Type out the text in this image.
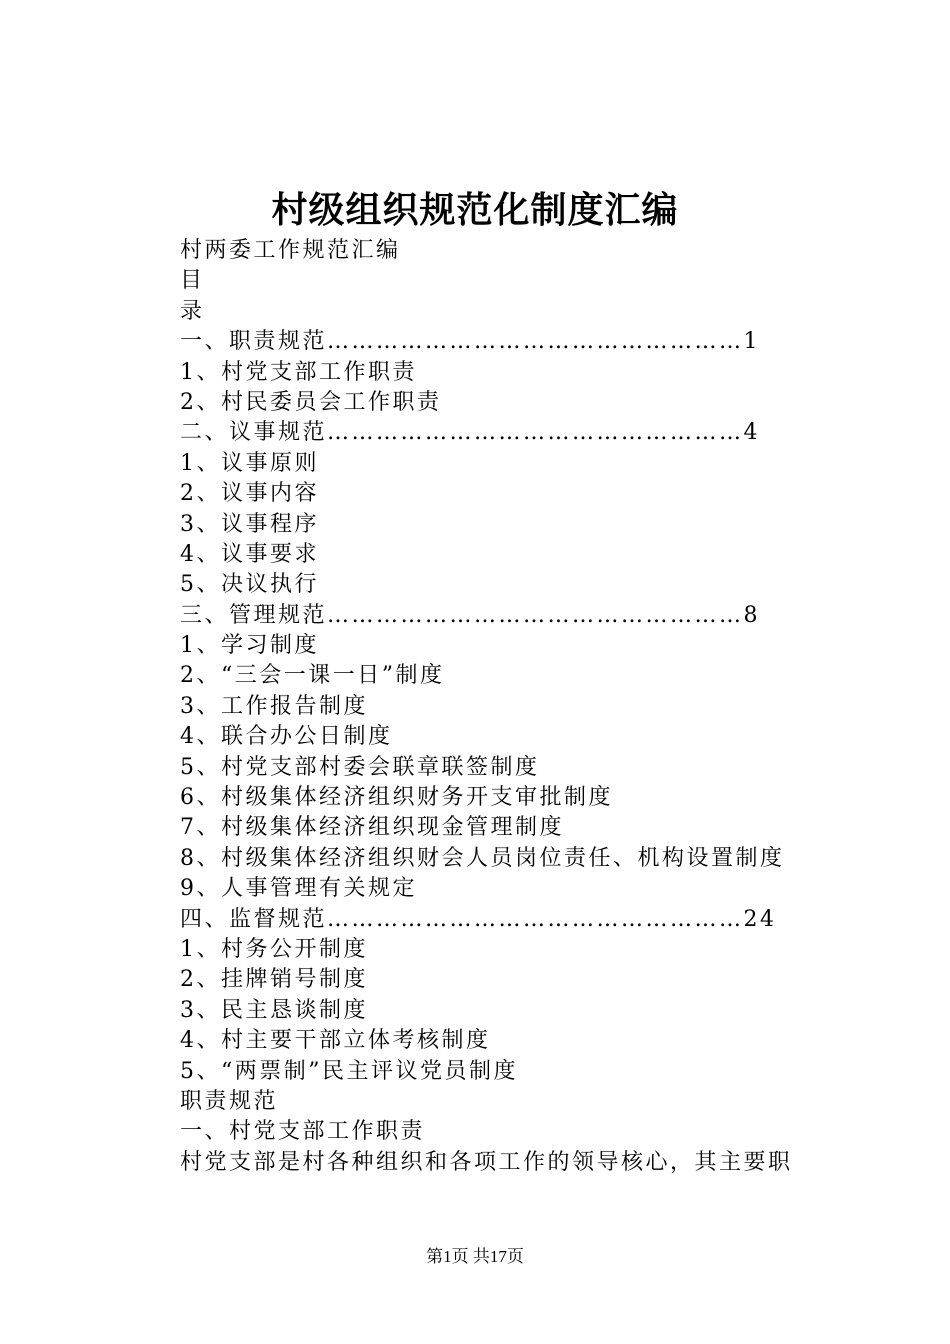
村级组织规范化制度汇编
村两委工作规范汇编
目
录
一、职责规范……………………………………………1
1、村党支部工作职责
2、村民委员会工作职责
二、议事规范……………………………………………4
1、议事原则
2、议事内容
3、议事程序
4、议事要求
5、决议执行
三、管理规范……………………………………………8
1、学习制度
2、“三会一课一日”制度
3、工作报告制度
4、联合办公日制度
5、村党支部村委会联章联签制度
6、村级集体经济组织财务开支审批制度
7、村级集体经济组织现金管理制度
8、村级集体经济组织财会人员岗位责任、机构设置制度
9、人事管理有关规定
四、监督规范……………………………………………24
1、村务公开制度
2、挂牌销号制度
3、民主恳谈制度
4、村主要干部立体考核制度
5、“两票制”民主评议党员制度
职责规范
一、村党支部工作职责
村党支部是村各种组织和各项工作的领导核心，其主要职
第1页 共17页
